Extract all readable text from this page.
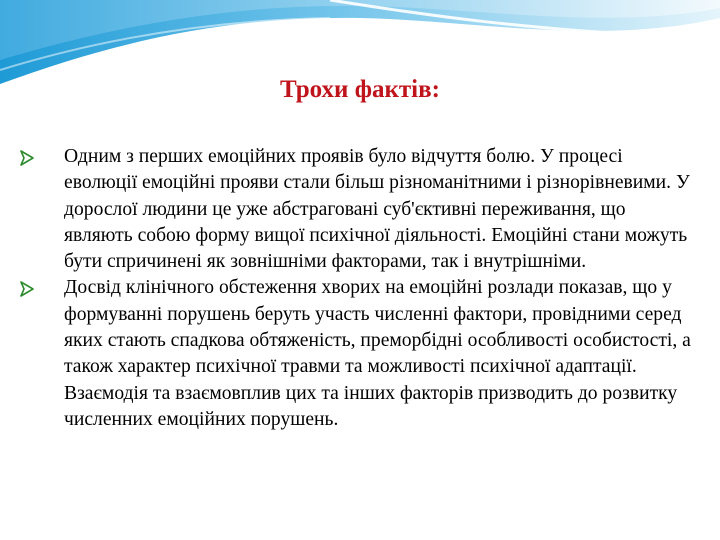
Трохи фактів:
Одним з перших емоційних проявів було відчуття болю. У процесі еволюції емоційні прояви стали більш різноманітними і різнорівневими. У дорослої людини це уже абстраговані суб'єктивні переживання, що являють собою форму вищої психічної діяльності. Емоційні стани можуть бути спричинені як зовнішніми факторами, так і внутрішніми.
Досвід клінічного обстеження хворих на емоційні розлади показав, що у формуванні порушень беруть участь численні фактори, провідними серед яких стають спадкова обтяженість, преморбідні особливості особистості, а також характер психічної травми та можливості психічної адаптації. Взаємодія та взаємовплив цих та інших факторів призводить до розвитку численних емоційних порушень.
